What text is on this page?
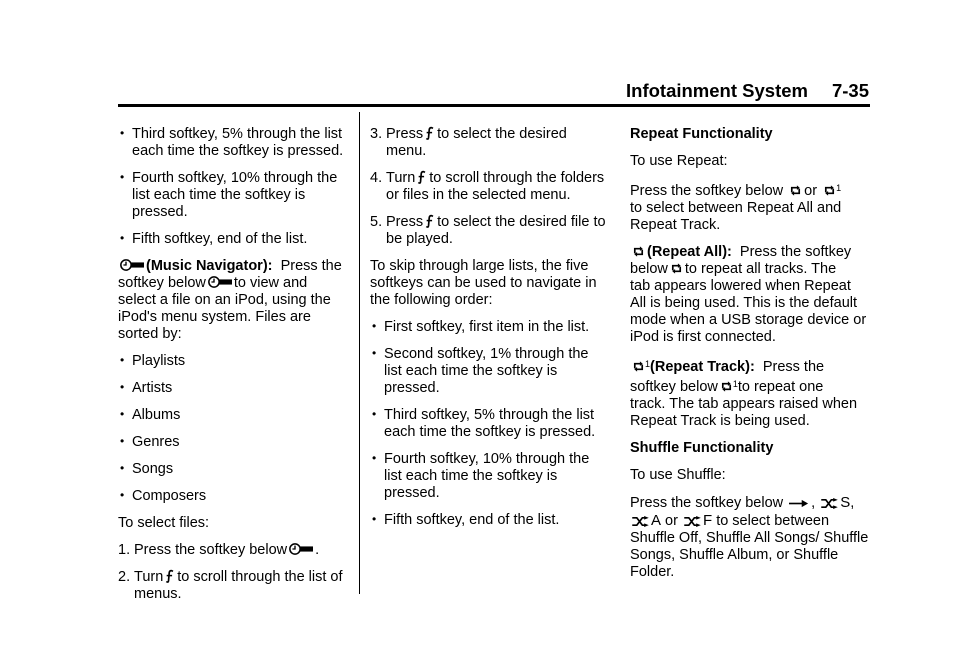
Infotainment System 7-35
• Third softkey, 5% through the list each time the softkey is pressed.
• Fourth softkey, 10% through the list each time the softkey is pressed.
• Fifth softkey, end of the list.

(Music Navigator): Press the
softkey below to view and
select a file on an iPod, using the iPod's menu system. Files are sorted by:

• Playlists
• Artists
• Albums
• Genres
• Songs
• Composers

To select files:

1. Press the softkey below .
2. Turn to scroll through the list of menus.
3. Press to select the desired menu.
4. Turn to scroll through the folders or files in the selected menu.
5. Press to select the desired file to be played.

To skip through large lists, the five softkeys can be used to navigate in the following order:

• First softkey, first item in the list.
• Second softkey, 1% through the list each time the softkey is pressed.
• Third softkey, 5% through the list each time the softkey is pressed.
• Fourth softkey, 10% through the list each time the softkey is pressed.
• Fifth softkey, end of the list.

Repeat Functionality

To use Repeat:

Press the softkey below or $^1$
to select between Repeat All and Repeat Track.

(Repeat All): Press the softkey
below to repeat all tracks. The
tab appears lowered when Repeat All is being used. This is the default mode when a USB storage device or iPod is first connected.

$^1$(Repeat Track): Press the
softkey below $^1$to repeat one
track. The tab appears raised when Repeat Track is being used.

Shuffle Functionality

To use Shuffle:

Press the softkey below , S,
A or F to select between Shuffle Off, Shuffle All Songs/ Shuffle Songs, Shuffle Album, or Shuffle Folder.
